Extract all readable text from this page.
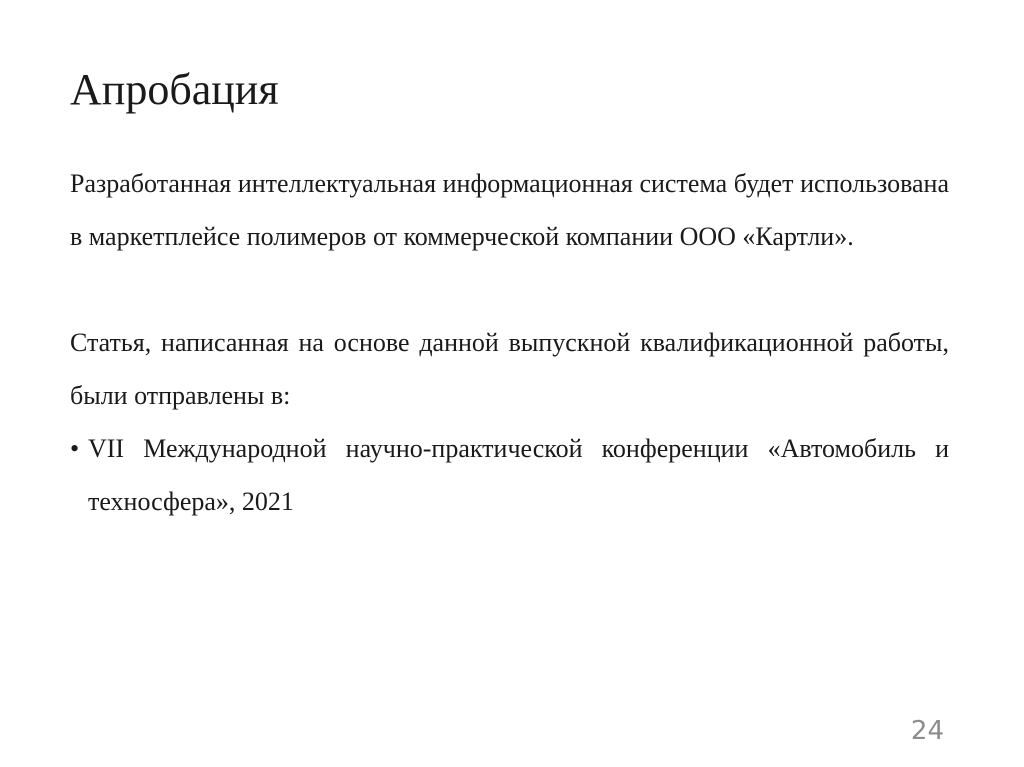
Апробация

Разработанная интеллектуальная информационная система будет использована в маркетплейсе полимеров от коммерческой компании ООО «Картли».

Статья, написанная на основе данной выпускной квалификационной работы, были отправлены в:

• VII Международной научно-практической конференции «Автомобиль и техносфера», 2021
24
